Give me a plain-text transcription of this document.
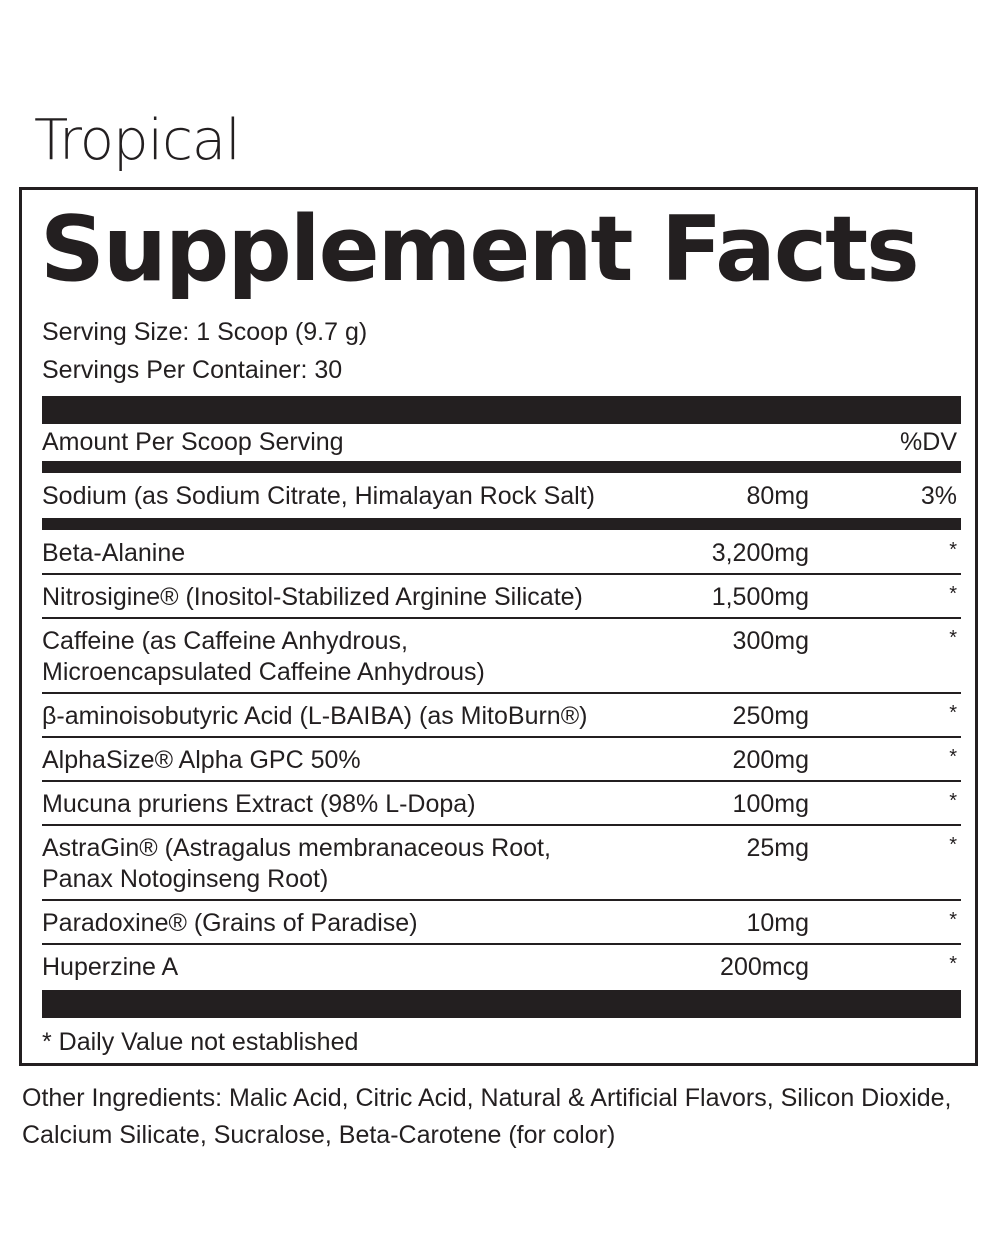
Tropical
Supplement Facts
Serving Size: 1 Scoop (9.7 g)
Servings Per Container: 30
Amount Per Scoop Serving	%DV
Sodium (as Sodium Citrate, Himalayan Rock Salt)	80mg	3%
Beta-Alanine	3,200mg	*
Nitrosigine® (Inositol-Stabilized Arginine Silicate)	1,500mg	*
Caffeine (as Caffeine Anhydrous,
Microencapsulated Caffeine Anhydrous)
300mg	*
β-aminoisobutyric Acid (L-BAIBA) (as MitoBurn®)	250mg	*
AlphaSize® Alpha GPC 50%	200mg	*
Mucuna pruriens Extract (98% L-Dopa)	100mg	*
AstraGin® (Astragalus membranaceous Root,
Panax Notoginseng Root)
25mg	*
Paradoxine® (Grains of Paradise)	10mg	*
Huperzine A	200mcg	*
* Daily Value not established
Other Ingredients: Malic Acid, Citric Acid, Natural & Artificial Flavors, Silicon Dioxide, Calcium Silicate, Sucralose, Beta-Carotene (for color)
